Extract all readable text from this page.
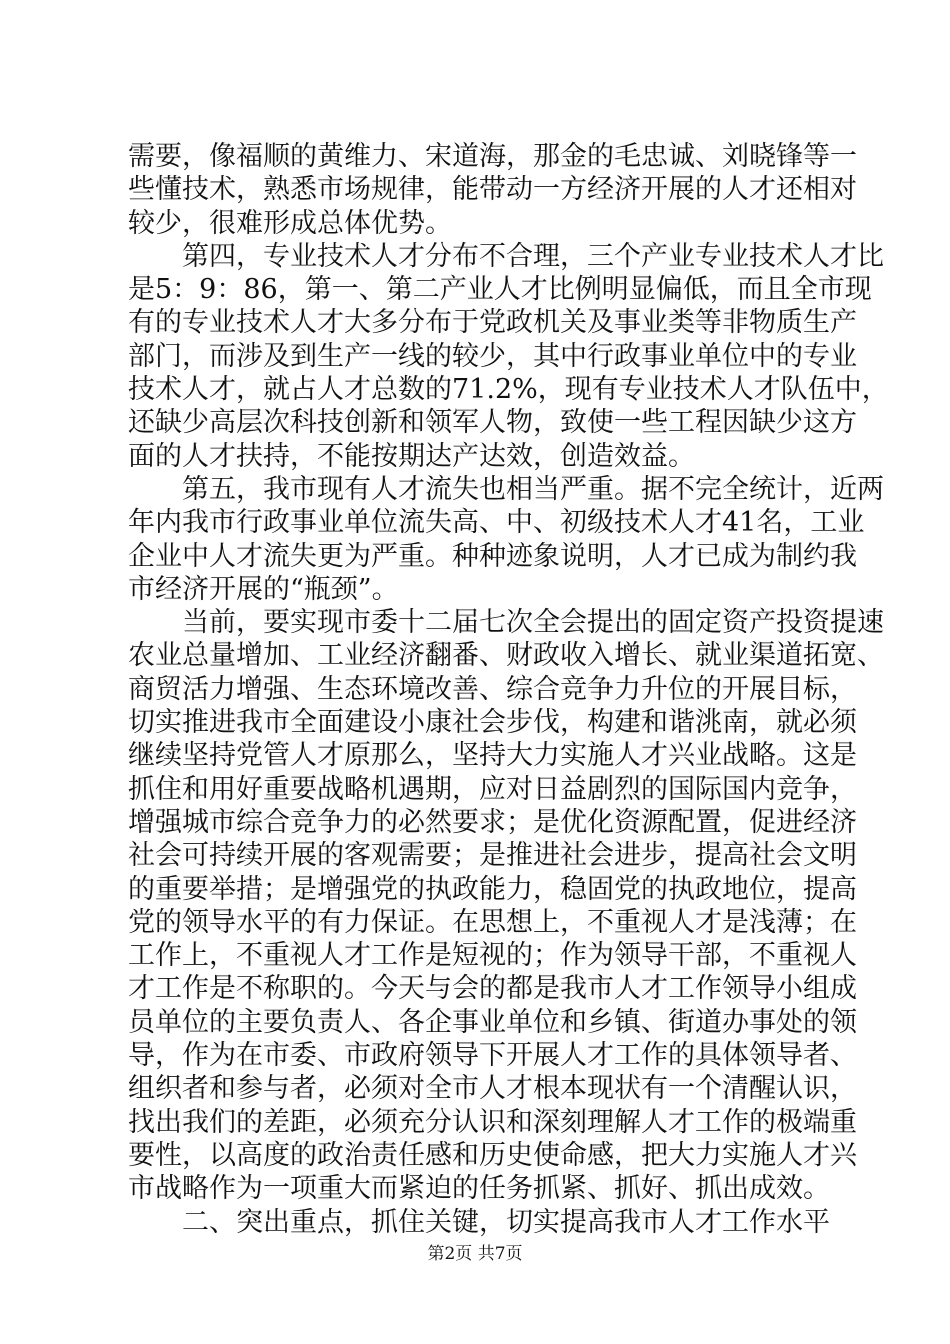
需要，像福顺的黄维力、宋道海，那金的毛忠诚、刘晓锋等一
些懂技术，熟悉市场规律，能带动一方经济开展的人才还相对
较少，很难形成总体优势。
第四，专业技术人才分布不合理，三个产业专业技术人才比
是5：9：86，第一、第二产业人才比例明显偏低，而且全市现
有的专业技术人才大多分布于党政机关及事业类等非物质生产
部门，而涉及到生产一线的较少，其中行政事业单位中的专业
技术人才，就占人才总数的71.2%，现有专业技术人才队伍中，
还缺少高层次科技创新和领军人物，致使一些工程因缺少这方
面的人才扶持，不能按期达产达效，创造效益。
第五，我市现有人才流失也相当严重。据不完全统计，近两
年内我市行政事业单位流失高、中、初级技术人才41名，工业
企业中人才流失更为严重。种种迹象说明，人才已成为制约我
市经济开展的“瓶颈”。
当前，要实现市委十二届七次全会提出的固定资产投资提速
农业总量增加、工业经济翻番、财政收入增长、就业渠道拓宽、
商贸活力增强、生态环境改善、综合竞争力升位的开展目标，
切实推进我市全面建设小康社会步伐，构建和谐洮南，就必须
继续坚持党管人才原那么，坚持大力实施人才兴业战略。这是
抓住和用好重要战略机遇期，应对日益剧烈的国际国内竞争，
增强城市综合竞争力的必然要求；是优化资源配置，促进经济
社会可持续开展的客观需要；是推进社会进步，提高社会文明
的重要举措；是增强党的执政能力，稳固党的执政地位，提高
党的领导水平的有力保证。在思想上，不重视人才是浅薄；在
工作上，不重视人才工作是短视的；作为领导干部，不重视人
才工作是不称职的。今天与会的都是我市人才工作领导小组成
员单位的主要负责人、各企事业单位和乡镇、街道办事处的领
导，作为在市委、市政府领导下开展人才工作的具体领导者、
组织者和参与者，必须对全市人才根本现状有一个清醒认识，
找出我们的差距，必须充分认识和深刻理解人才工作的极端重
要性，以高度的政治责任感和历史使命感，把大力实施人才兴
市战略作为一项重大而紧迫的任务抓紧、抓好、抓出成效。
二、突出重点，抓住关键，切实提高我市人才工作水平
第2页 共7页
